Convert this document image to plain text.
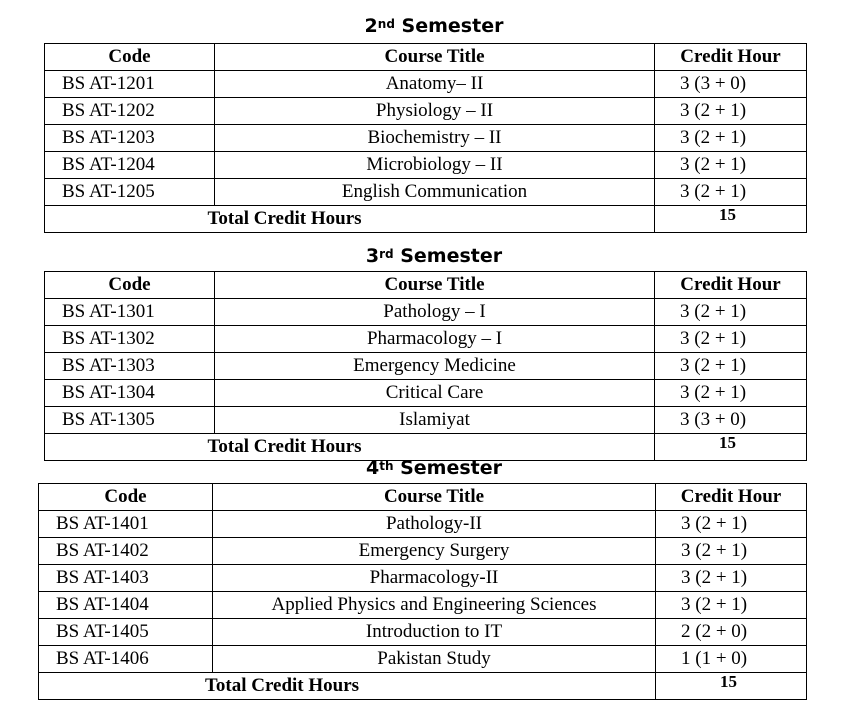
2nd Semester
Code	Course Title	Credit Hour
BS AT-1201	Anatomy– II	3 (3 + 0)
BS AT-1202	Physiology – II	3 (2 + 1)
BS AT-1203	Biochemistry – II	3 (2 + 1)
BS AT-1204	Microbiology – II	3 (2 + 1)
BS AT-1205	English Communication	3 (2 + 1)
Total Credit Hours		15
3rd Semester
Code	Course Title	Credit Hour
BS AT-1301	Pathology – I	3 (2 + 1)
BS AT-1302	Pharmacology – I	3 (2 + 1)
BS AT-1303	Emergency Medicine	3 (2 + 1)
BS AT-1304	Critical Care	3 (2 + 1)
BS AT-1305	Islamiyat	3 (3 + 0)
Total Credit Hours		15
4th Semester
Code	Course Title	Credit Hour
BS AT-1401	Pathology-II	3 (2 + 1)
BS AT-1402	Emergency Surgery	3 (2 + 1)
BS AT-1403	Pharmacology-II	3 (2 + 1)
BS AT-1404	Applied Physics and Engineering Sciences	3 (2 + 1)
BS AT-1405	Introduction to IT	2 (2 + 0)
BS AT-1406	Pakistan Study	1 (1 + 0)
Total Credit Hours		15
